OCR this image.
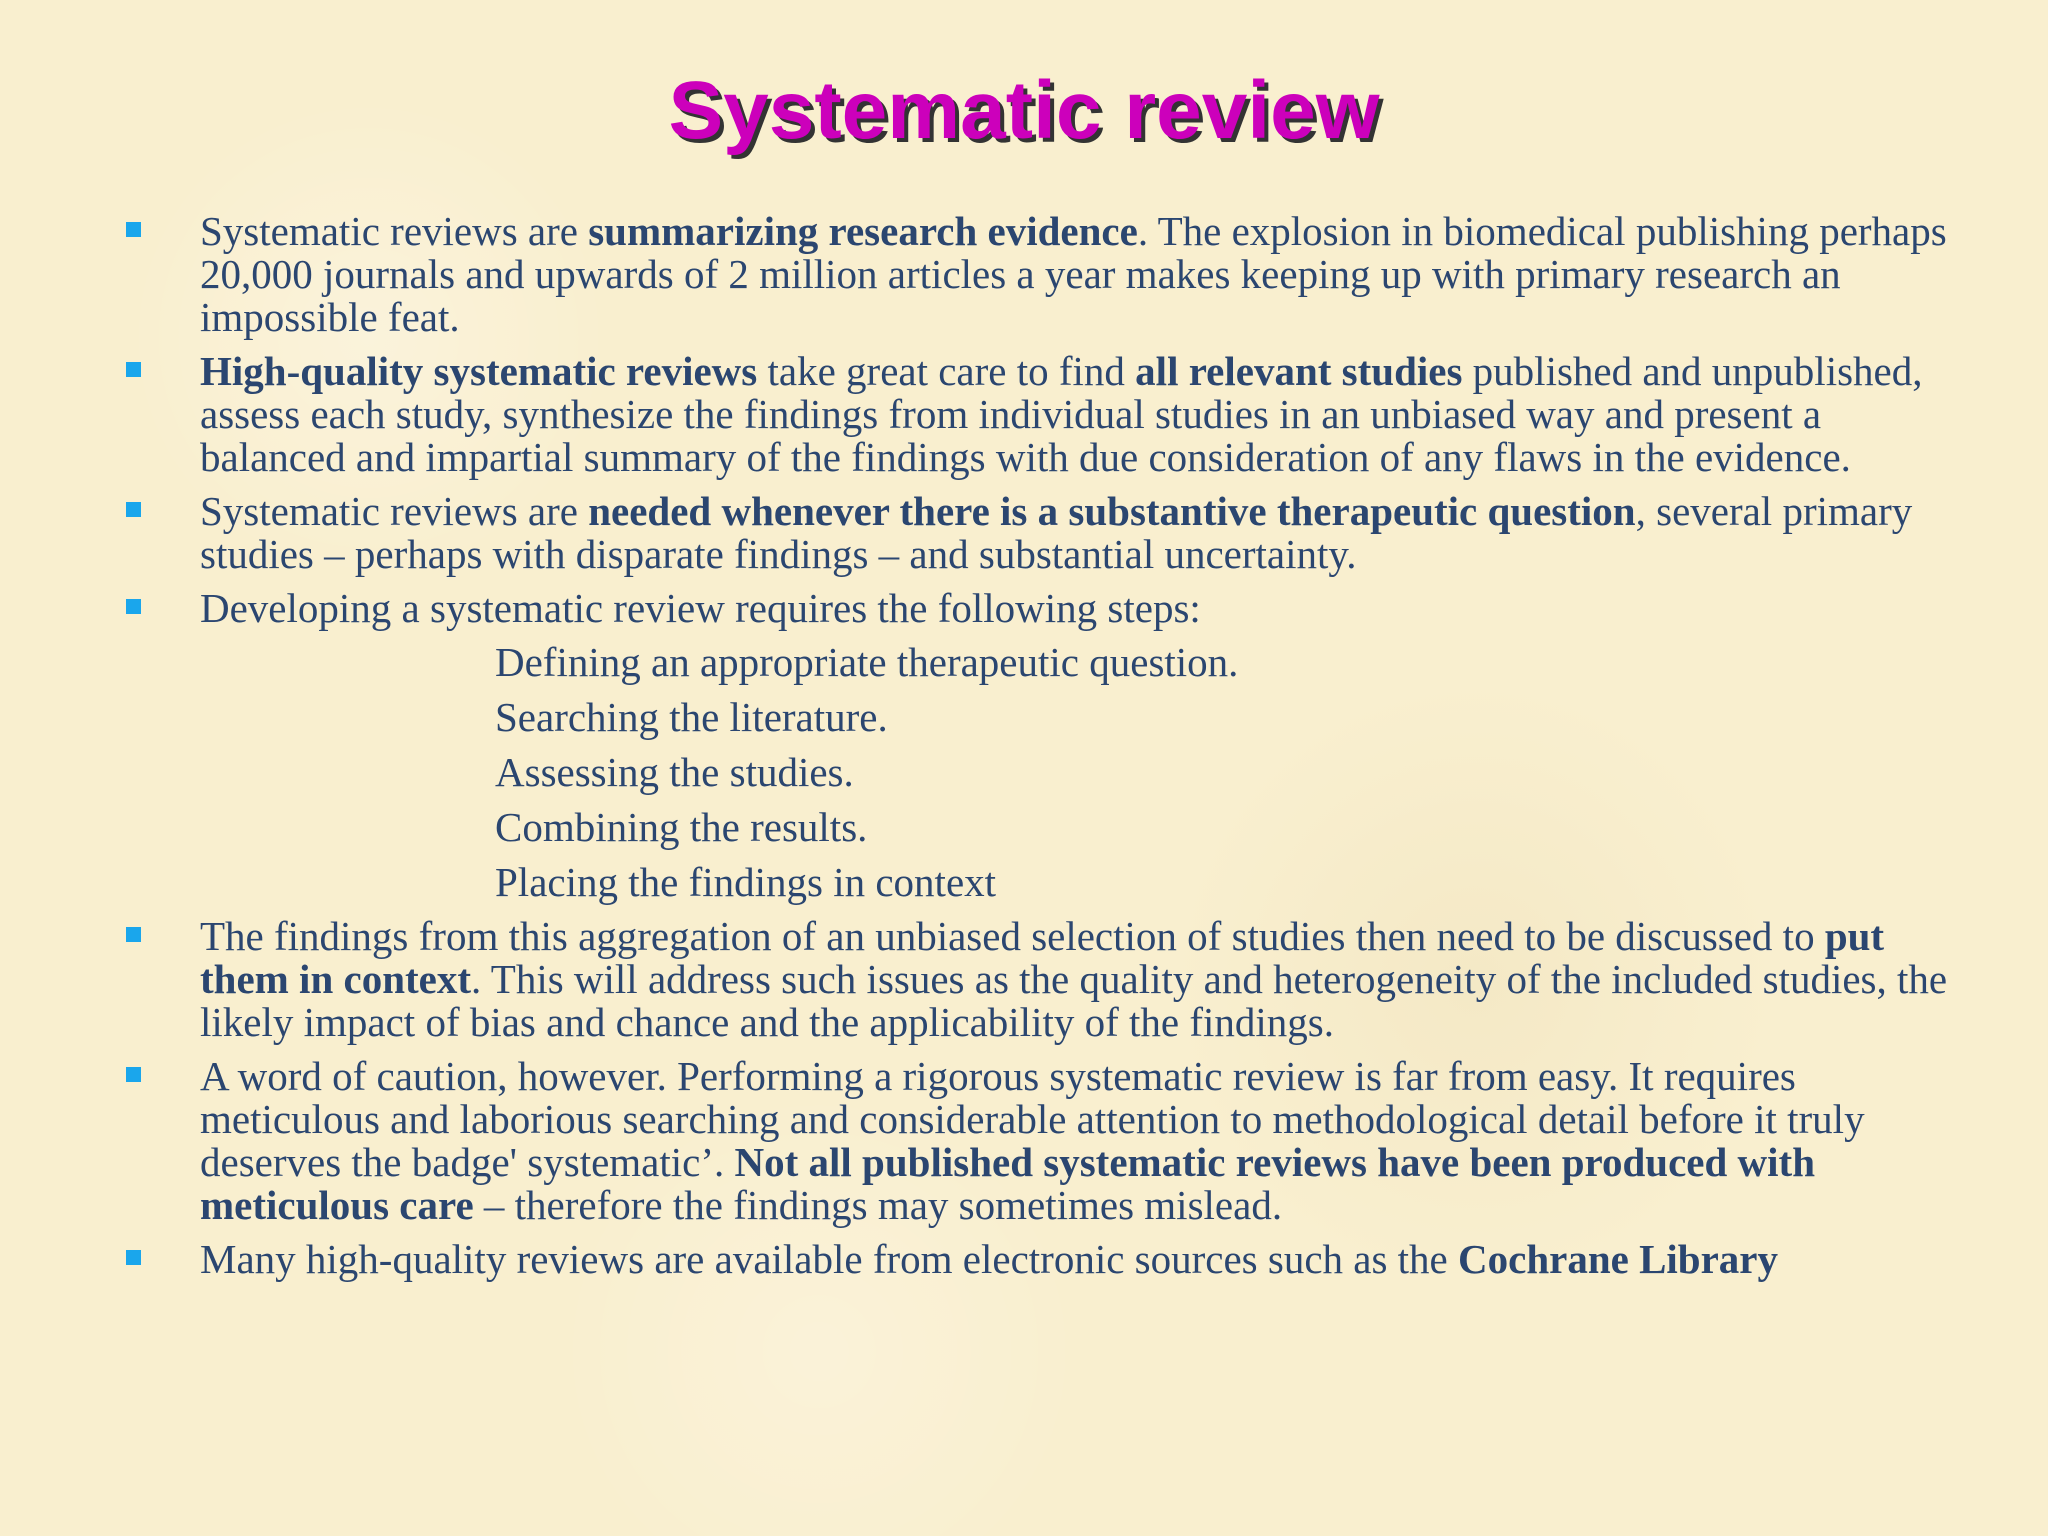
Systematic review
Systematic reviews are summarizing research evidence. The explosion in biomedical publishing perhaps 20,000 journals and upwards of 2 million articles a year makes keeping up with primary research an impossible feat.
High-quality systematic reviews take great care to find all relevant studies published and unpublished, assess each study, synthesize the findings from individual studies in an unbiased way and present a balanced and impartial summary of the findings with due consideration of any flaws in the evidence.
Systematic reviews are needed whenever there is a substantive therapeutic question, several primary studies – perhaps with disparate findings – and substantial uncertainty.
Developing a systematic review requires the following steps:
Defining an appropriate therapeutic question.
Searching the literature.
Assessing the studies.
Combining the results.
Placing the findings in context
The findings from this aggregation of an unbiased selection of studies then need to be discussed to put them in context. This will address such issues as the quality and heterogeneity of the included studies, the likely impact of bias and chance and the applicability of the findings.
A word of caution, however. Performing a rigorous systematic review is far from easy. It requires meticulous and laborious searching and considerable attention to methodological detail before it truly deserves the badge' systematic’. Not all published systematic reviews have been produced with meticulous care – therefore the findings may sometimes mislead.
Many high-quality reviews are available from electronic sources such as the Cochrane Library
